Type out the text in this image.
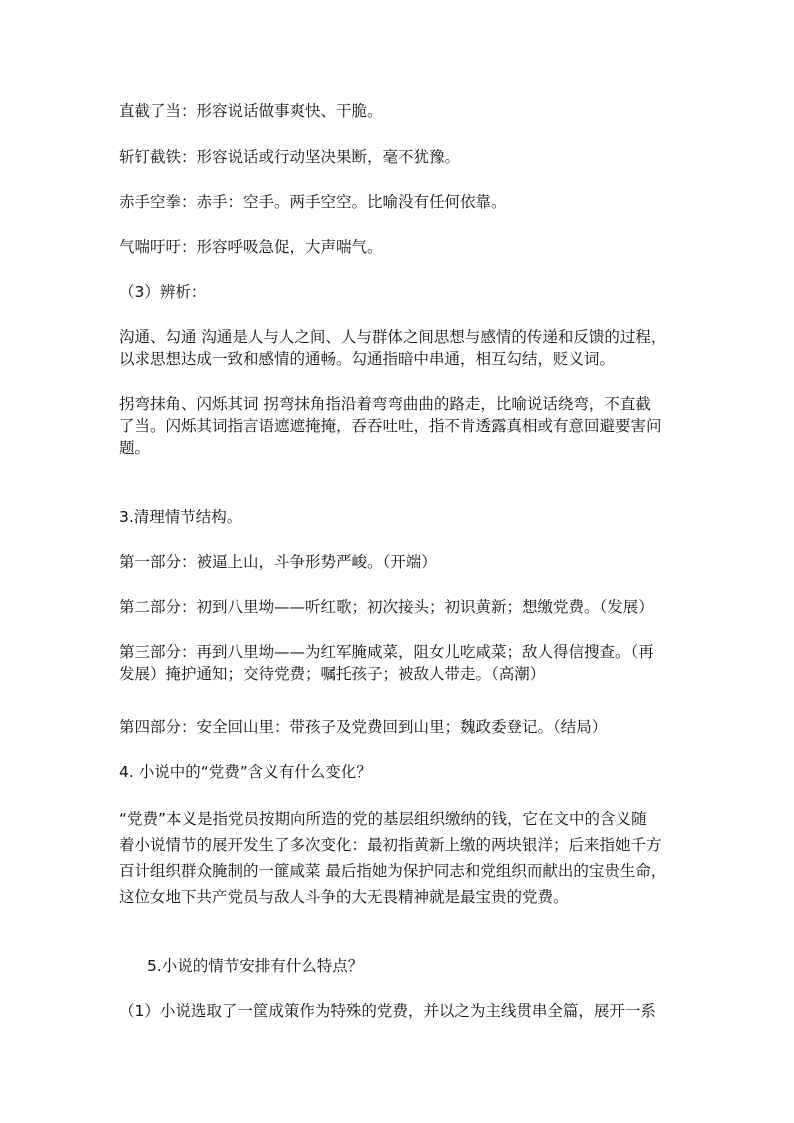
直截了当：形容说话做事爽快、干脆。

斩钉截铁：形容说话或行动坚决果断，毫不犹豫。

赤手空拳：赤手：空手。两手空空。比喻没有任何依靠。

气喘吁吁：形容呼吸急促，大声喘气。

（3）辨析：

沟通、勾通 沟通是人与人之间、人与群体之间思想与感情的传递和反馈的过程，
以求思想达成一致和感情的通畅。勾通指暗中串通，相互勾结，贬义词。

拐弯抹角、闪烁其词 拐弯抹角指沿着弯弯曲曲的路走，比喻说话绕弯，不直截
了当。闪烁其词指言语遮遮掩掩，吞吞吐吐，指不肯透露真相或有意回避要害问
题。

3.清理情节结构。

第一部分：被逼上山，斗争形势严峻。（开端）

第二部分：初到八里坳——听红歌；初次接头；初识黄新；想缴党费。（发展）

第三部分：再到八里坳——为红军腌咸菜，阻女儿吃咸菜；敌人得信搜查。（再
发展）掩护通知；交待党费；嘱托孩子；被敌人带走。（高潮）

第四部分：安全回山里：带孩子及党费回到山里；魏政委登记。（结局）

4. 小说中的“党费”含义有什么变化？

“党费”本义是指党员按期向所造的党的基层组织缴纳的钱，它在文中的含义随
着小说情节的展开发生了多次变化：最初指黄新上缴的两块银洋；后来指她千方
百计组织群众腌制的一篚咸菜 最后指她为保护同志和党组织而献出的宝贵生命，
这位女地下共产党员与敌人斗争的大无畏精神就是最宝贵的党费。

5.小说的情节安排有什么特点？

（1）小说选取了一筐成策作为特殊的党费，并以之为主线贯串全篇，展开一系
